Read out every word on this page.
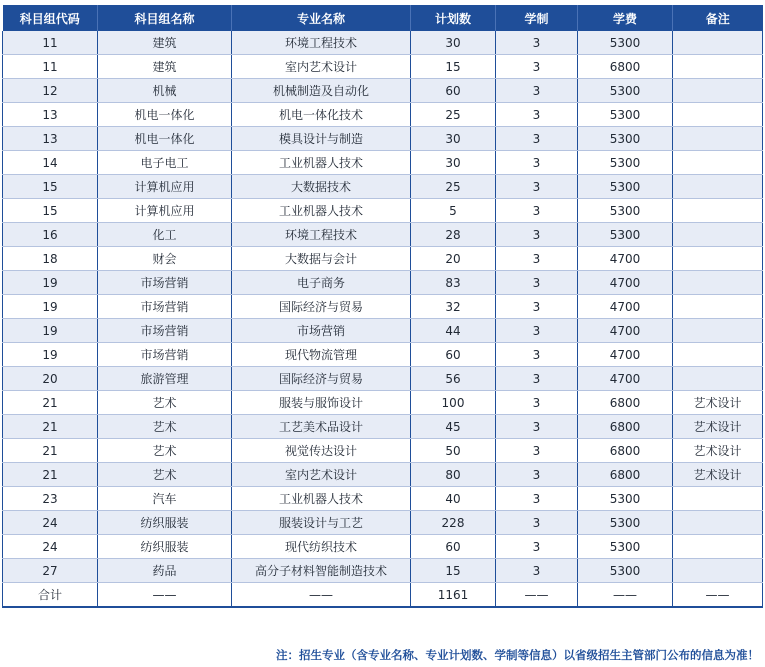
科目组代码	科目组名称	专业名称	计划数	学制	学费	备注
11	建筑	环境工程技术	30	3	5300	
11	建筑	室内艺术设计	15	3	6800	
12	机械	机械制造及自动化	60	3	5300	
13	机电一体化	机电一体化技术	25	3	5300	
13	机电一体化	模具设计与制造	30	3	5300	
14	电子电工	工业机器人技术	30	3	5300	
15	计算机应用	大数据技术	25	3	5300	
15	计算机应用	工业机器人技术	5	3	5300	
16	化工	环境工程技术	28	3	5300	
18	财会	大数据与会计	20	3	4700	
19	市场营销	电子商务	83	3	4700	
19	市场营销	国际经济与贸易	32	3	4700	
19	市场营销	市场营销	44	3	4700	
19	市场营销	现代物流管理	60	3	4700	
20	旅游管理	国际经济与贸易	56	3	4700	
21	艺术	服装与服饰设计	100	3	6800	艺术设计
21	艺术	工艺美术品设计	45	3	6800	艺术设计
21	艺术	视觉传达设计	50	3	6800	艺术设计
21	艺术	室内艺术设计	80	3	6800	艺术设计
23	汽车	工业机器人技术	40	3	5300	
24	纺织服装	服装设计与工艺	228	3	5300	
24	纺织服装	现代纺织技术	60	3	5300	
27	药品	高分子材料智能制造技术	15	3	5300	
合计	——	——	1161	——	——	——
注：招生专业（含专业名称、专业计划数、学制等信息）以省级招生主管部门公布的信息为准！
